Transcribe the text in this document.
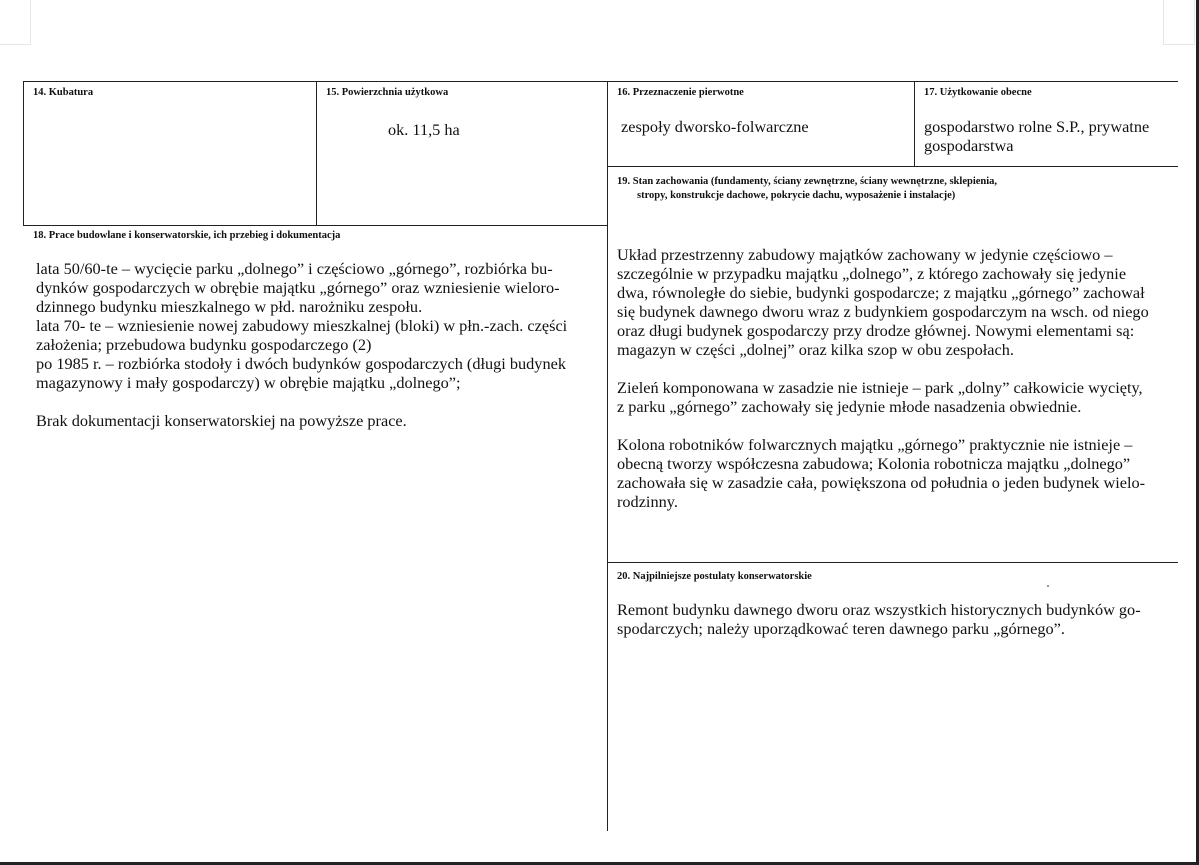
14. Kubatura	15. Powierzchnia użytkowa
ok. 11,5 ha
16. Przeznaczenie pierwotne
zespoły dworsko-folwarczne
17. Użytkowanie obecne
gospodarstwo rolne S.P., prywatne
gospodarstwa
19. Stan zachowania (fundamenty, ściany zewnętrzne, ściany wewnętrzne, sklepienia,
stropy, konstrukcje dachowe, pokrycie dachu, wyposażenie i instalacje)
18. Prace budowlane i konserwatorskie, ich przebieg i dokumentacja
lata 50/60-te – wycięcie parku „dolnego” i częściowo „górnego”, rozbiórka bu-
dynków gospodarczych w obrębie majątku „górnego” oraz wzniesienie wieloro-
dzinnego budynku mieszkalnego w płd. narożniku zespołu.
lata 70- te – wzniesienie nowej zabudowy mieszkalnej (bloki) w płn.-zach. części
założenia; przebudowa budynku gospodarczego (2)
po 1985 r. – rozbiórka stodoły i dwóch budynków gospodarczych (długi budynek
magazynowy i mały gospodarczy) w obrębie majątku „dolnego”;
Brak dokumentacji konserwatorskiej na powyższe prace.
Układ przestrzenny zabudowy majątków zachowany w jedynie częściowo –
szczególnie w przypadku majątku „dolnego”, z którego zachowały się jedynie
dwa, równoległe do siebie, budynki gospodarcze; z majątku „górnego” zachował
się budynek dawnego dworu wraz z budynkiem gospodarczym na wsch. od niego
oraz długi budynek gospodarczy przy drodze głównej. Nowymi elementami są:
magazyn w części „dolnej” oraz kilka szop w obu zespołach.
Zieleń komponowana w zasadzie nie istnieje – park „dolny” całkowicie wycięty,
z parku „górnego” zachowały się jedynie młode nasadzenia obwiednie.
Kolona robotników folwarcznych majątku „górnego” praktycznie nie istnieje –
obecną tworzy współczesna zabudowa; Kolonia robotnicza majątku „dolnego”
zachowała się w zasadzie cała, powiększona od południa o jeden budynek wielo-
rodzinny.
20. Najpilniejsze postulaty konserwatorskie
Remont budynku dawnego dworu oraz wszystkich historycznych budynków go-
spodarczych; należy uporządkować teren dawnego parku „górnego”.
